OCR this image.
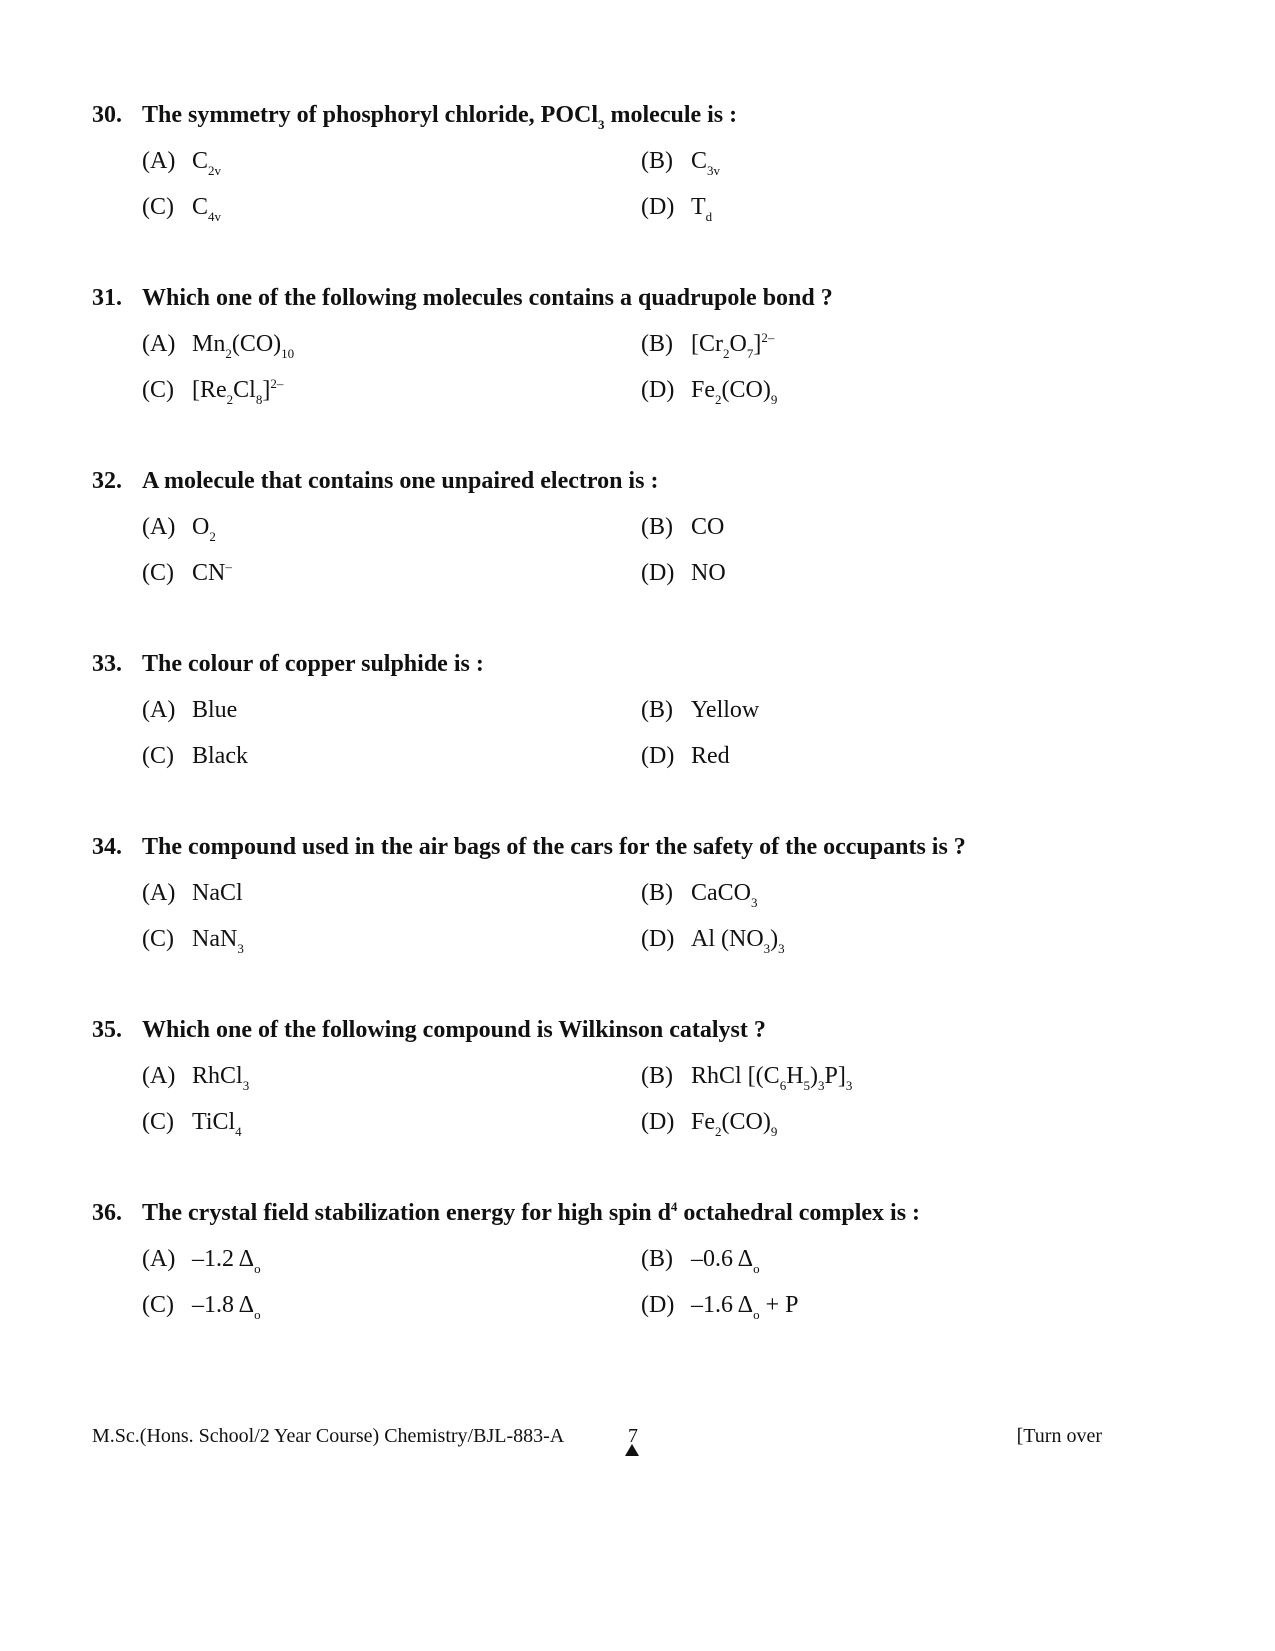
30. The symmetry of phosphoryl chloride, POCl$_3$ molecule is :
(A) $C_{2v}$	(B) $C_{3v}$
(C) $C_{4v}$	(D) $T_d$
31. Which one of the following molecules contains a quadrupole bond ?
(A) $Mn_2(CO)_{10}$	(B) $[Cr_2O_7]^{2-}$
(C) $[Re_2Cl_8]^{2-}$	(D) $Fe_2(CO)_9$
32. A molecule that contains one unpaired electron is :
(A) $O_2$	(B) CO
(C) CN–	(D) NO
33. The colour of copper sulphide is :
(A) Blue	(B) Yellow
(C) Black	(D) Red
34. The compound used in the air bags of the cars for the safety of the occupants is ?
(A) NaCl	(B) CaCO$_3$
(C) NaN$_3$	(D) Al $(NO_3)_3$
35. Which one of the following compound is Wilkinson catalyst ?
(A) RhCl$_3$	(B) RhCl $[(C_6H_5)_3P]_3$
(C) TiCl$_4$	(D) $Fe_2(CO)_9$
36. The crystal field stabilization energy for high spin $d^4$ octahedral complex is :
(A) –1.2 $\Delta_o$	(B) –0.6 $\Delta_o$
(C) –1.8 $\Delta_o$	(D) –1.6 $\Delta_o + P$
M.Sc.(Hons. School/2 Year Course) Chemistry/BJL-883-A	7	[Turn over
